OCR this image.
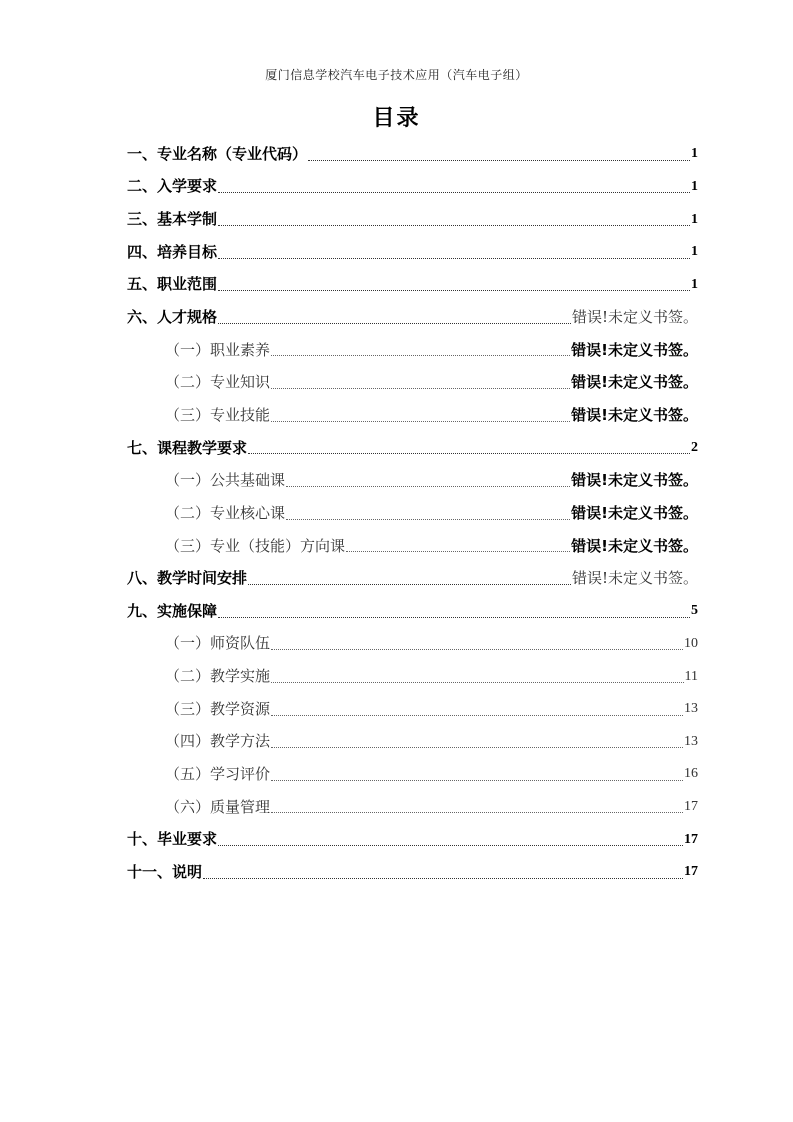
厦门信息学校汽车电子技术应用（汽车电子组）
目录
一、专业名称（专业代码）	1
二、入学要求	1
三、基本学制	1
四、培养目标	1
五、职业范围	1
六、人才规格	错误!未定义书签。
（一）职业素养	错误!未定义书签。
（二）专业知识	错误!未定义书签。
（三）专业技能	错误!未定义书签。
七、课程教学要求	2
（一）公共基础课	错误!未定义书签。
（二）专业核心课	错误!未定义书签。
（三）专业（技能）方向课	错误!未定义书签。
八、教学时间安排	错误!未定义书签。
九、实施保障	5
（一）师资队伍	10
（二）教学实施	11
（三）教学资源	13
（四）教学方法	13
（五）学习评价	16
（六）质量管理	17
十、毕业要求	17
十一、说明	17
